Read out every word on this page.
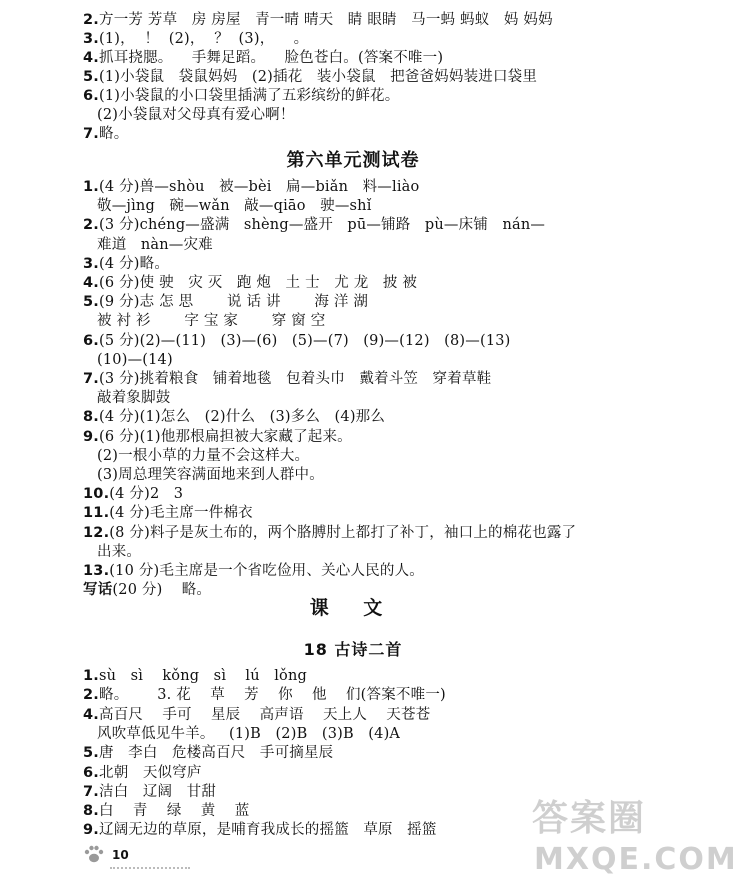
2.方一芳 芳草   房 房屋   青一晴 晴天   睛 眼睛   马一蚂 蚂蚁   妈 妈妈
3.(1)，  ！  (2)，  ？  (3)，    。
4.抓耳挠腮。    手舞足蹈。    脸色苍白。(答案不唯一)
5.(1)小袋鼠   袋鼠妈妈   (2)插花   装小袋鼠   把爸爸妈妈装进口袋里
6.(1)小袋鼠的小口袋里插满了五彩缤纷的鲜花。
(2)小袋鼠对父母真有爱心啊！
7.略。
第六单元测试卷
1.(4 分)兽—shòu   被—bèi   扁—biǎn   料—liào
敬—jìng   碗—wǎn   敲—qiāo   驶—shǐ
2.(3 分)chéng—盛满   shèng—盛开   pū—铺路   pù—床铺   nán—
难道   nàn—灾难
3.(4 分)略。
4.(6 分)使 驶   灾 灭   跑 炮   土 士   尤 龙   披 被
5.(9 分)志 怎 思       说 话 讲       海 洋 湖
被 衬 衫       字 宝 家       穿 窗 空
6.(5 分)(2)—(11)   (3)—(6)   (5)—(7)   (9)—(12)   (8)—(13)
(10)—(14)
7.(3 分)挑着粮食   铺着地毯   包着头巾   戴着斗笠   穿着草鞋
敲着象脚鼓
8.(4 分)(1)怎么   (2)什么   (3)多么   (4)那么
9.(6 分)(1)他那根扁担被大家藏了起来。
(2)一根小草的力量不会这样大。
(3)周总理笑容满面地来到人群中。
10.(4 分)2   3
11.(4 分)毛主席一件棉衣
12.(8 分)料子是灰土布的，两个胳膊肘上都打了补丁，袖口上的棉花也露了
出来。
13.(10 分)毛主席是一个省吃俭用、关心人民的人。
写话(20 分)    略。
课 文
18 古诗二首
1.sù   sì    kǒng   sì    lú   lǒng
2.略。      3. 花    草    芳    你    他    们(答案不唯一)
4.高百尺    手可    星辰    高声语    天上人    天苍苍
风吹草低见牛羊。   (1)B   (2)B   (3)B   (4)A
5.唐   李白   危楼高百尺   手可摘星辰
6.北朝   天似穹庐
7.洁白   辽阔   甘甜
8.白    青    绿    黄    蓝
9.辽阔无边的草原，是哺育我成长的摇篮   草原   摇篮
10
答案圈
MXQE.COM
